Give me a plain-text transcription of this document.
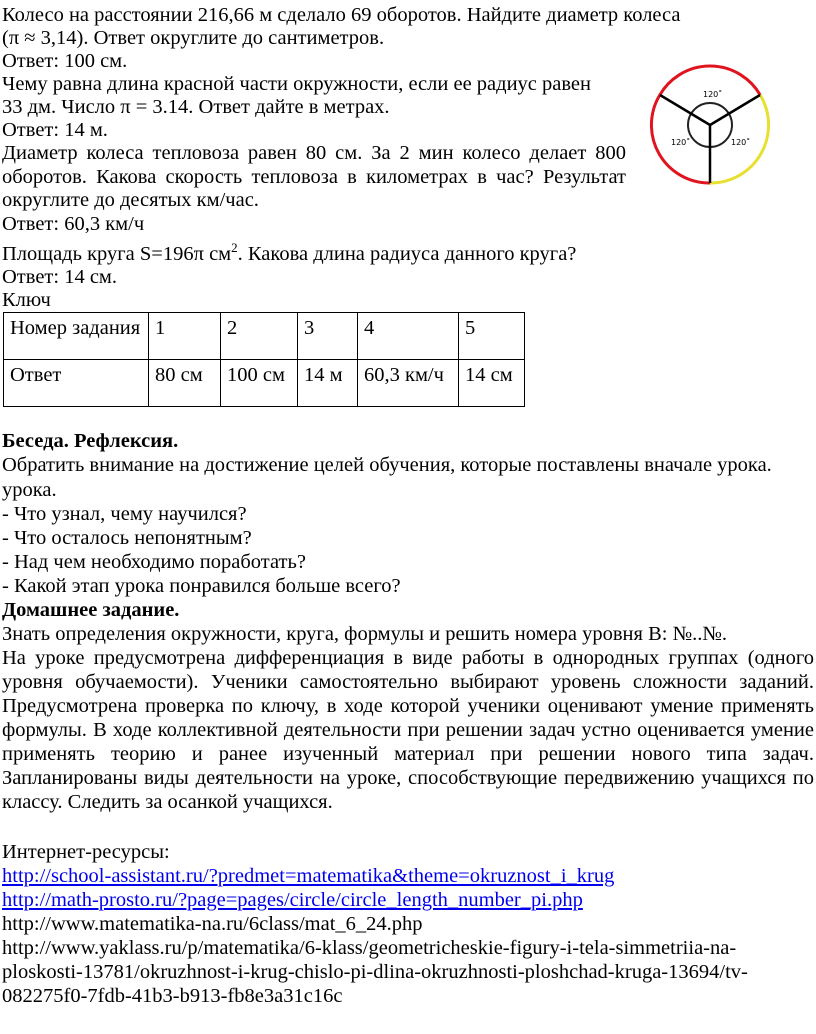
Колесо на расстоянии 216,66 м сделало 69 оборотов. Найдите диаметр колеса
(π ≈ 3,14). Ответ округлите до сантиметров.
Ответ: 100 см.
Чему равна длина красной части окружности, если ее радиус равен
33 дм. Число π = 3.14. Ответ дайте в метрах.
Ответ: 14 м.
Диаметр колеса тепловоза равен 80 см. За 2 мин колесо делает 800
оборотов. Какова скорость тепловоза в километрах в час? Результат
округлите до десятых км/час.
Ответ: 60,3 км/ч
Площадь круга S=196π $см^2$. Какова длина радиуса данного круга?
Ответ: 14 см.
Ключ
120˚
120˚	120˚
Номер задания	1	2	3	4	5
Ответ	80 см	100 см	14 м	60,3 км/ч	14 см
Беседа. Рефлексия.
Обратить внимание на достижение целей обучения, которые поставлены вначале урока.
урока.
- Что узнал, чему научился?
- Что осталось непонятным?
- Над чем необходимо поработать?
- Какой этап урока понравился больше всего?
Домашнее задание.
Знать определения окружности, круга, формулы и решить номера уровня В: №..№.
На уроке предусмотрена дифференциация в виде работы в однородных группах (одного
уровня обучаемости). Ученики самостоятельно выбирают уровень сложности заданий.
Предусмотрена проверка по ключу, в ходе которой ученики оценивают умение применять
формулы. В ходе коллективной деятельности при решении задач устно оценивается умение
применять теорию и ранее изученный материал при решении нового типа задач.
Запланированы виды деятельности на уроке, способствующие передвижению учащихся по
классу. Следить за осанкой учащихся.
Интернет-ресурсы:
http://school-assistant.ru/?predmet=matematika&theme=okruznost_i_krug
http://math-prosto.ru/?page=pages/circle/circle_length_number_pi.php
http://www.matematika-na.ru/6class/mat_6_24.php
http://www.yaklass.ru/p/matematika/6-klass/geometricheskie-figury-i-tela-simmetriia-na-
ploskosti-13781/okruzhnost-i-krug-chislo-pi-dlina-okruzhnosti-ploshchad-kruga-13694/tv-
082275f0-7fdb-41b3-b913-fb8e3a31c16c
